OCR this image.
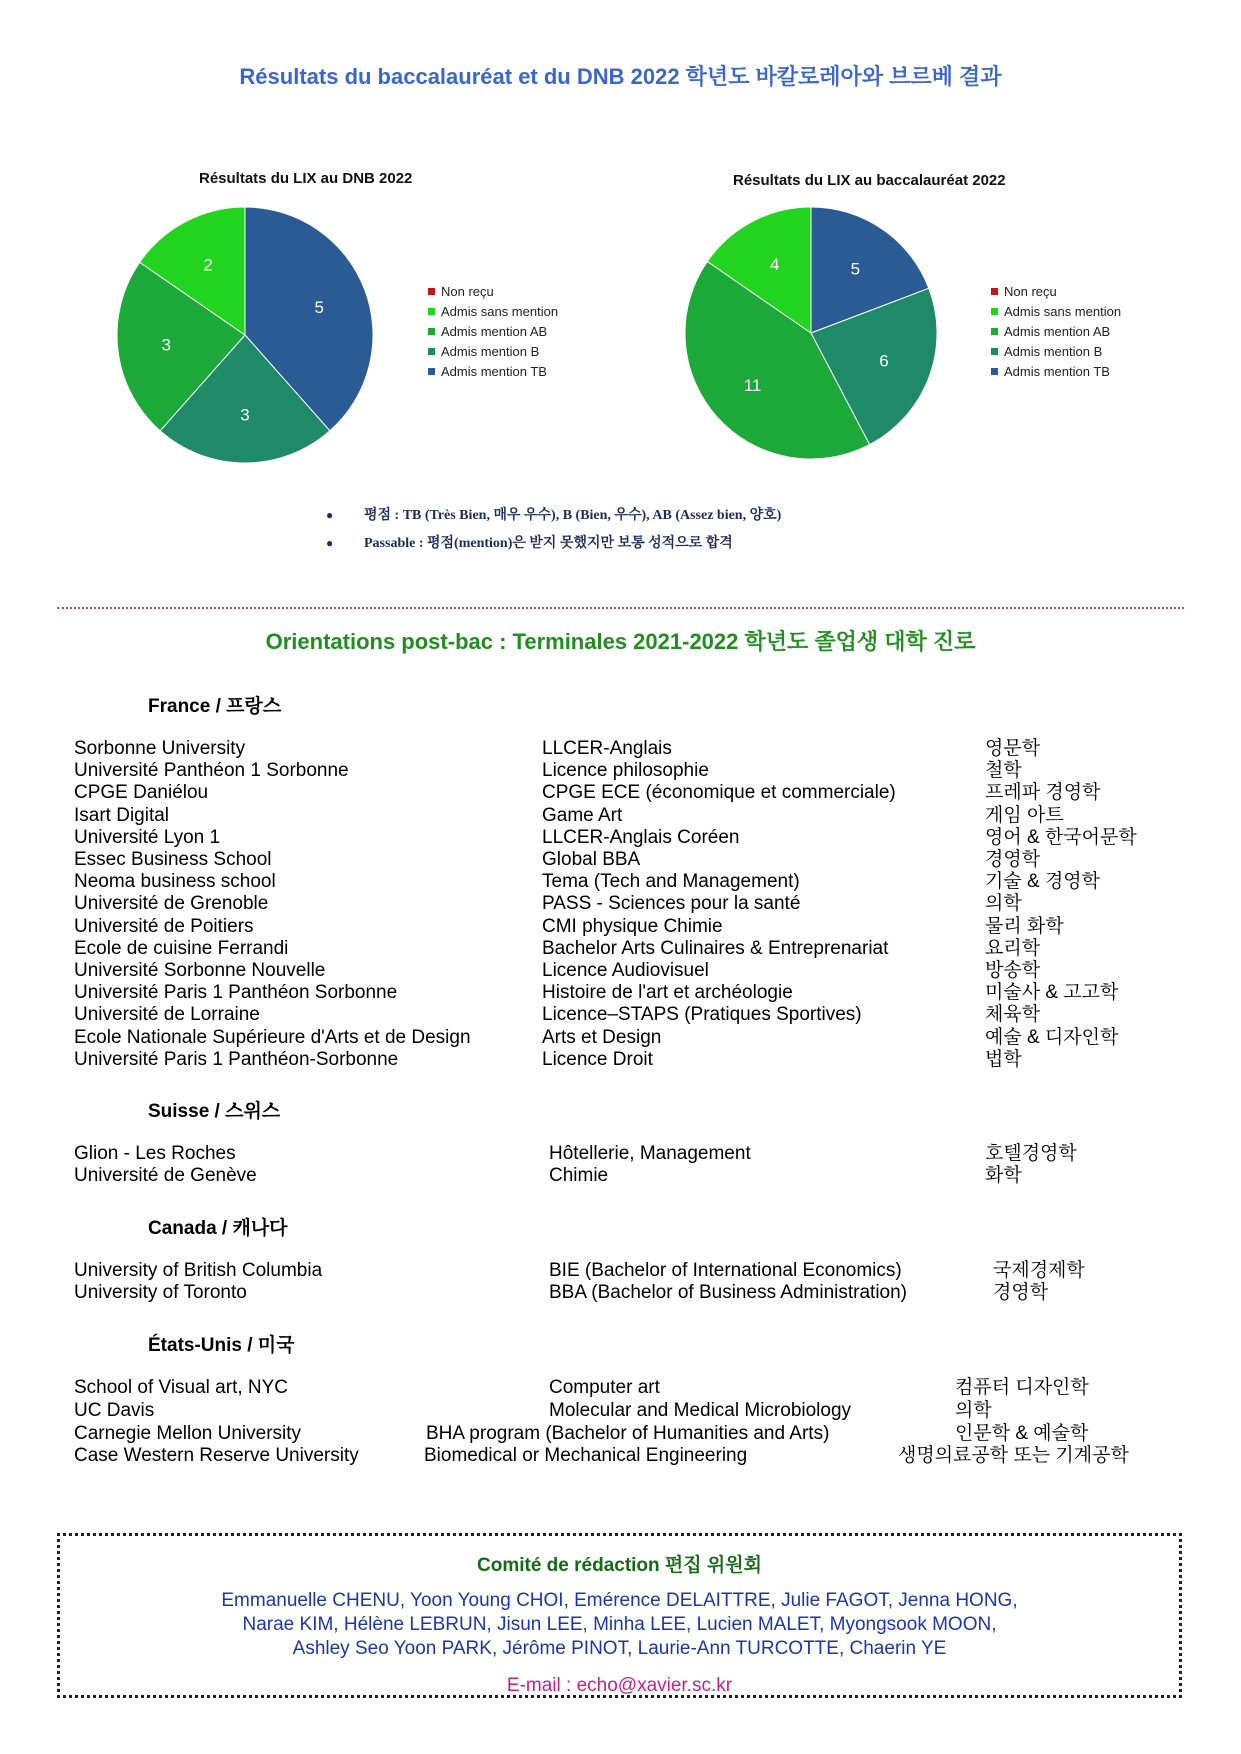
Résultats du baccalauréat et du DNB 2022 학년도 바칼로레아와 브르베 결과
Résultats du LIX au DNB 2022
5
3
3
2
Non reçu
Admis sans mention
Admis mention AB
Admis mention B
Admis mention TB
Résultats du LIX au baccalauréat 2022
5
6
11
4
Non reçu
Admis sans mention
Admis mention AB
Admis mention B
Admis mention TB
● 평점 : TB (Très Bien, 매우 우수), B (Bien, 우수), AB (Assez bien, 양호)
● Passable : 평점(mention)은 받지 못했지만 보통 성적으로 합격
Orientations post-bac : Terminales 2021-2022 학년도 졸업생 대학 진로
France / 프랑스
Sorbonne University	LLCER-Anglais	영문학
Université Panthéon 1 Sorbonne	Licence philosophie	철학
CPGE Daniélou	CPGE ECE (économique et commerciale)	프레파 경영학
Isart Digital	Game Art	게임 아트
Université Lyon 1	LLCER-Anglais Coréen	영어 & 한국어문학
Essec Business School	Global BBA	경영학
Neoma business school	Tema (Tech and Management)	기술 & 경영학
Université de Grenoble	PASS - Sciences pour la santé	의학
Université de Poitiers	CMI physique Chimie	물리 화학
Ecole de cuisine Ferrandi	Bachelor Arts Culinaires & Entreprenariat	요리학
Université Sorbonne Nouvelle	Licence Audiovisuel	방송학
Université Paris 1 Panthéon Sorbonne	Histoire de l'art et archéologie	미술사 & 고고학
Université de Lorraine	Licence–STAPS (Pratiques Sportives)	체육학
Ecole Nationale Supérieure d'Arts et de Design	Arts et Design	예술 & 디자인학
Université Paris 1 Panthéon-Sorbonne	Licence Droit	법학
Suisse / 스위스
Glion - Les Roches	Hôtellerie, Management	호텔경영학
Université de Genève	Chimie	화학
Canada / 캐나다
University of British Columbia	BIE (Bachelor of International Economics)	국제경제학
University of Toronto	BBA (Bachelor of Business Administration)	경영학
États-Unis / 미국
School of Visual art, NYC	Computer art	컴퓨터 디자인학
UC Davis	Molecular and Medical Microbiology	의학
Carnegie Mellon University	BHA program (Bachelor of Humanities and Arts)	인문학 & 예술학
Case Western Reserve University	Biomedical or Mechanical Engineering	생명의료공학 또는 기계공학
Comité de rédaction 편집 위원회
Emmanuelle CHENU, Yoon Young CHOI, Emérence DELAITTRE, Julie FAGOT, Jenna HONG,
Narae KIM, Hélène LEBRUN, Jisun LEE, Minha LEE, Lucien MALET, Myongsook MOON,
Ashley Seo Yoon PARK, Jérôme PINOT, Laurie-Ann TURCOTTE, Chaerin YE
E-mail : echo@xavier.sc.kr
